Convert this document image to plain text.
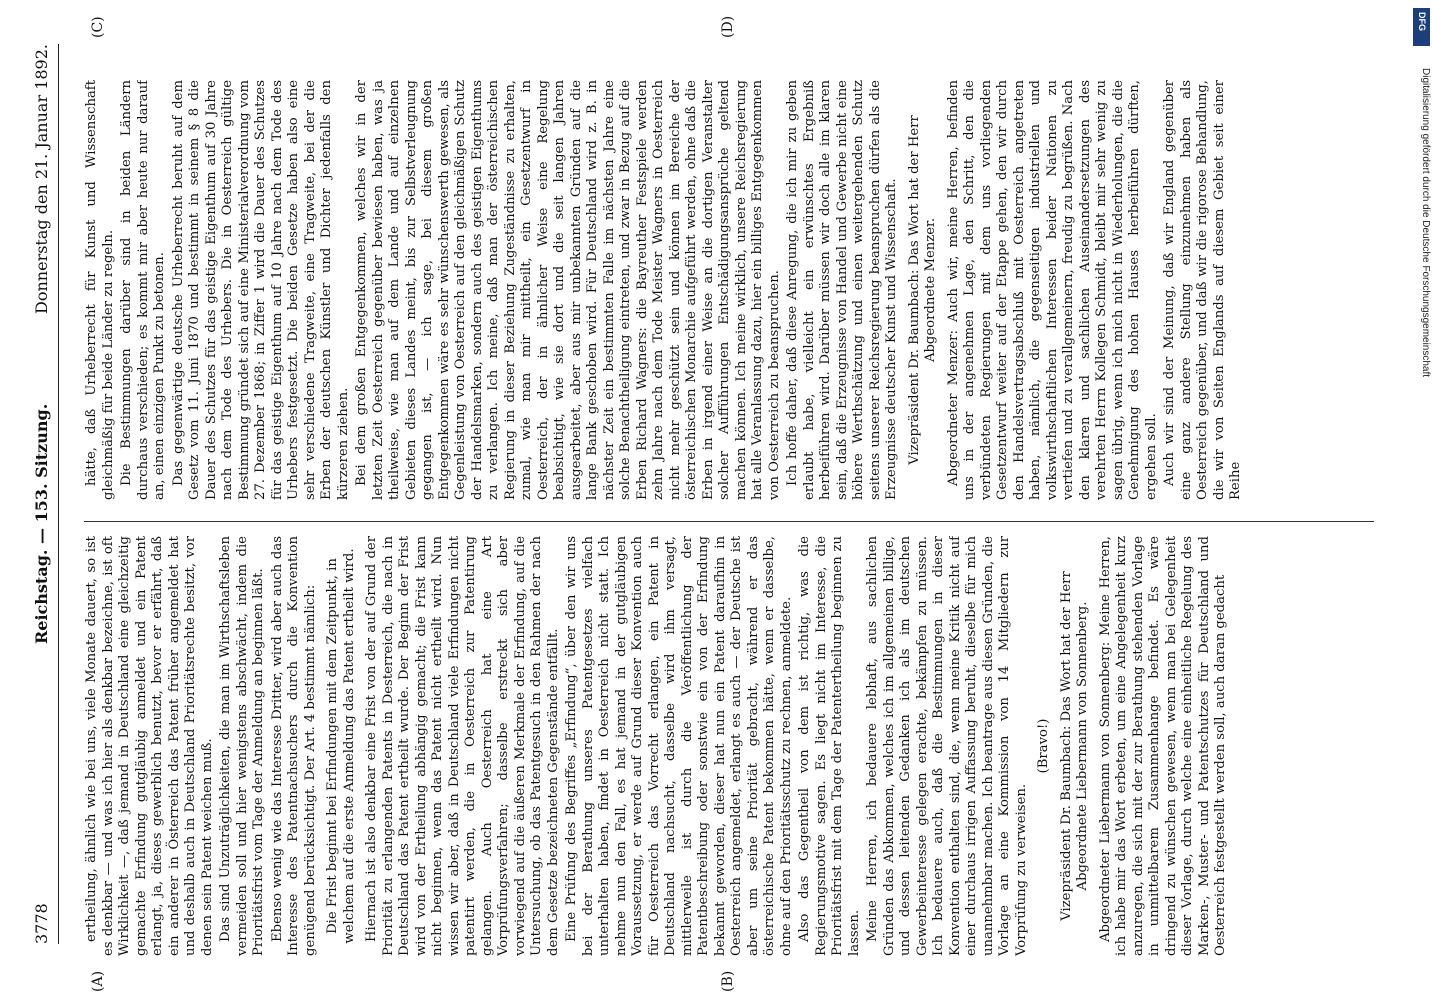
3778
Reichstag. — 153. Sitzung.
Donnerstag den 21. Januar 1892.
(A)	(B)
(C)	(D)

ertheilung, ähnlich wie bei uns, viele Monate dauert, so ist es denkbar — und was ich hier als denkbar bezeichne, ist oft Wirklichkeit —, daß jemand in Deutschland eine gleichzeitig gemachte Erfindung gutgläubig anmeldet und ein Patent erlangt, ja, dieses gewerblich benutzt, bevor er erfährt, daß ein anderer in Österreich das Patent früher angemeldet hat und deshalb auch in Deutschland Prioritätsrechte besitzt, vor denen sein Patent weichen muß. Das sind Unzuträglichkeiten, die man im Wirthschaftsleben vermeiden soll und hier wenigstens abschwächt, indem die Prioritätsfrist vom Tage der Anmeldung an beginnen läßt. Ebenso wenig wie das Interesse Dritter, wird aber auch das Interesse des Patentnachsuchers durch die Konvention genügend berücksichtigt. Der Art. 4 bestimmt nämlich: Die Frist beginnt bei Erfindungen mit dem Zeitpunkt, in welchem auf die erste Anmeldung das Patent ertheilt wird. Hiernach ist also denkbar eine Frist von der auf Grund der Priorität zu erlangenden Patents in Desterreich, die nach in Deutschland das Patent ertheilt wurde. Der Beginn der Frist wird von der Ertheilung abhängig gemacht; die Frist kann nicht beginnen, wenn das Patent nicht ertheilt wird. Nun wissen wir aber, daß in Deutschland viele Erfindungen nicht patentirt werden, die in Oesterreich zur Patentirung gelangen. Auch Oesterreich hat eine Art Vorprüfungsverfahren; dasselbe erstreckt sich aber vorwiegend auf die äußeren Merkmale der Erfindung, auf die Untersuchung, ob das Patentgesuch in den Rahmen der nach dem Gesetze bezeichneten Gegenstände entfällt. Eine Prüfung des Begriffes „Erfindung“, über den wir uns bei der Berathung unseres Patentgesetzes vielfach unterhalten haben, findet in Oesterreich nicht statt. Ich nehme nun den Fall, es hat jemand in der gutgläubigen Voraussetzung, er werde auf Grund dieser Konvention auch für Oesterreich das Vorrecht erlangen, ein Patent in Deutschland nachsucht, dasselbe wird ihm versagt, mittlerweile ist durch die Veröffentlichung der Patentbeschreibung oder sonstwie ein von der Erfindung bekannt geworden, dieser hat nun ein Patent daraufhin in Oesterreich angemeldet, erlangt es auch — der Deutsche ist aber um seine Priorität gebracht, während er das österreichische Patent bekommen hätte, wenn er dasselbe, ohne auf den Prioritätsschutz zu rechnen, anmeldete. Also das Gegentheil von dem ist richtig, was die Regierungsmotive sagen. Es liegt nicht im Interesse, die Prioritätsfrist mit dem Tage der Patentertheilung beginnen zu lassen. Meine Herren, ich bedauere lebhaft, aus sachlichen Gründen das Abkommen, welches ich im allgemeinen billige, und dessen leitenden Gedanken ich als im deutschen Gewerbeinteresse gelegen erachte, bekämpfen zu müssen. Ich bedauere auch, daß die Bestimmungen in dieser Konvention enthalten sind, die, wenn meine Kritik nicht auf einer durchaus irrigen Auffassung beruht, dieselbe für mich unannehmbar machen. Ich beantrage aus diesen Gründen, die Vorlage an eine Kommission von 14 Mitgliedern zur Vorprüfung zu verweisen.

(Bravo!) Vizepräsident Dr. Baumbach: Das Wort hat der Herr Abgeordnete Liebermann von Sonnenberg. Abgeordneter Liebermann von Sonnenberg: Meine Herren, ich habe mir das Wort erbeten, um eine Angelegenheit kurz anzuregen, die sich mit der zur Berathung stehenden Vorlage in unmittelbarem Zusammenhange befindet. Es wäre dringend zu wünschen gewesen, wenn man bei Gelegenheit dieser Vorlage, durch welche eine einheitliche Regelung des Marken-, Muster- und Patentschutzes für Deutschland und Oesterreich festgestellt werden soll, auch daran gedacht

hätte, daß Urheberrecht für Kunst und Wissenschaft gleichmäßig für beide Länder zu regeln. Die Bestimmungen darüber sind in beiden Ländern durchaus verschieden; es kommt mir aber heute nur darauf an, einen einzigen Punkt zu betonen. Das gegenwärtige deutsche Urheberrecht beruht auf dem Gesetz vom 11. Juni 1870 und bestimmt in seinem § 8 die Dauer des Schutzes für das geistige Eigenthum auf 30 Jahre nach dem Tode des Urhebers. Die in Oesterreich gültige Bestimmung gründet sich auf eine Ministerialverordnung vom 27. Dezember 1868; in Ziffer 1 wird die Dauer des Schutzes für das geistige Eigenthum auf 10 Jahre nach dem Tode des Urhebers festgesetzt. Die beiden Gesetze haben also eine sehr verschiedene Tragweite, eine Tragweite, bei der die Erben der deutschen Künstler und Dichter jedenfalls den kürzeren ziehen. Bei dem großen Entgegenkommen, welches wir in der letzten Zeit Oesterreich gegenüber bewiesen haben, was ja theilweise, wie man auf dem Lande und auf einzelnen Gebieten dieses Landes meint, bis zur Selbstverleugnung gegangen ist, — ich sage, bei diesem großen Entgegenkommen wäre es sehr wünschenswerth gewesen, als Gegenleistung von Oesterreich auf den gleichmäßigen Schutz der Handelsmarken, sondern auch des geistigen Eigenthums zu verlangen. Ich meine, daß man der österreichischen Regierung in dieser Beziehung Zugeständnisse zu erhalten, zumal, wie man mir mittheilt, ein Gesetzentwurf in Oesterreich, der in ähnlicher Weise eine Regelung beabsichtigt, wie sie dort und die seit langen Jahren ausgearbeitet, aber aus mir unbekannten Gründen auf die lange Bank geschoben wird. Für Deutschland wird z. B. in nächster Zeit ein bestimmten Falle im nächsten Jahre eine solche Benachtheiligung eintreten, und zwar in Bezug auf die Erben Richard Wagners: die Bayreuther Festspiele werden zehn Jahre nach dem Tode Meister Wagners in Oesterreich nicht mehr geschützt sein und können im Bereiche der österreichischen Monarchie aufgeführt werden, ohne daß die Erben in irgend einer Weise an die dortigen Veranstalter solcher Aufführungen Entschädigungsansprüche geltend machen können. Ich meine wirklich, unsere Reichsregierung hat alle Veranlassung dazu, hier ein billiges Entgegenkommen von Oesterreich zu beanspruchen. Ich hoffe daher, daß diese Anregung, die ich mir zu geben erlaubt habe, vielleicht ein erwünschtes Ergebniß herbeiführen wird. Darüber müssen wir doch alle im klaren sein, daß die Erzeugnisse von Handel und Gewerbe nicht eine höhere Werthschätzung und einen weitergehenden Schutz seitens unserer Reichsregierung beanspruchen dürfen als die Erzeugnisse deutscher Kunst und Wissenschaft. Vizepräsident Dr. Baumbach: Das Wort hat der Herr Abgeordnete Menzer. Abgeordneter Menzer: Auch wir, meine Herren, befinden uns in der angenehmen Lage, den Schritt, den die verbündeten Regierungen mit dem uns vorliegenden Gesetzentwurf weiter auf der Etappe gehen, den wir durch den Handelsvertragsabschluß mit Oesterreich angetreten haben, nämlich, die gegenseitigen industriellen und volkswirthschaftlichen Interessen beider Nationen zu vertiefen und zu verallgemeinern, freudig zu begrüßen. Nach den klaren und sachlichen Auseinandersetzungen des verehrten Herrn Kollegen Schmidt, bleibt mir sehr wenig zu sagen übrig, wenn ich mich nicht in Wiederholungen, die die Genehmigung des hohen Hauses herbeiführen dürften, ergehen soll. Auch wir sind der Meinung, daß wir England gegenüber eine ganz andere Stellung einzunehmen haben als Oesterreich gegenüber, und daß wir die rigorose Behandlung, die wir von Seiten Englands auf diesem Gebiet seit einer Reihe

Digitalisierung gefördert durch die Deutsche Forschungsgemeinschaft
DFG
